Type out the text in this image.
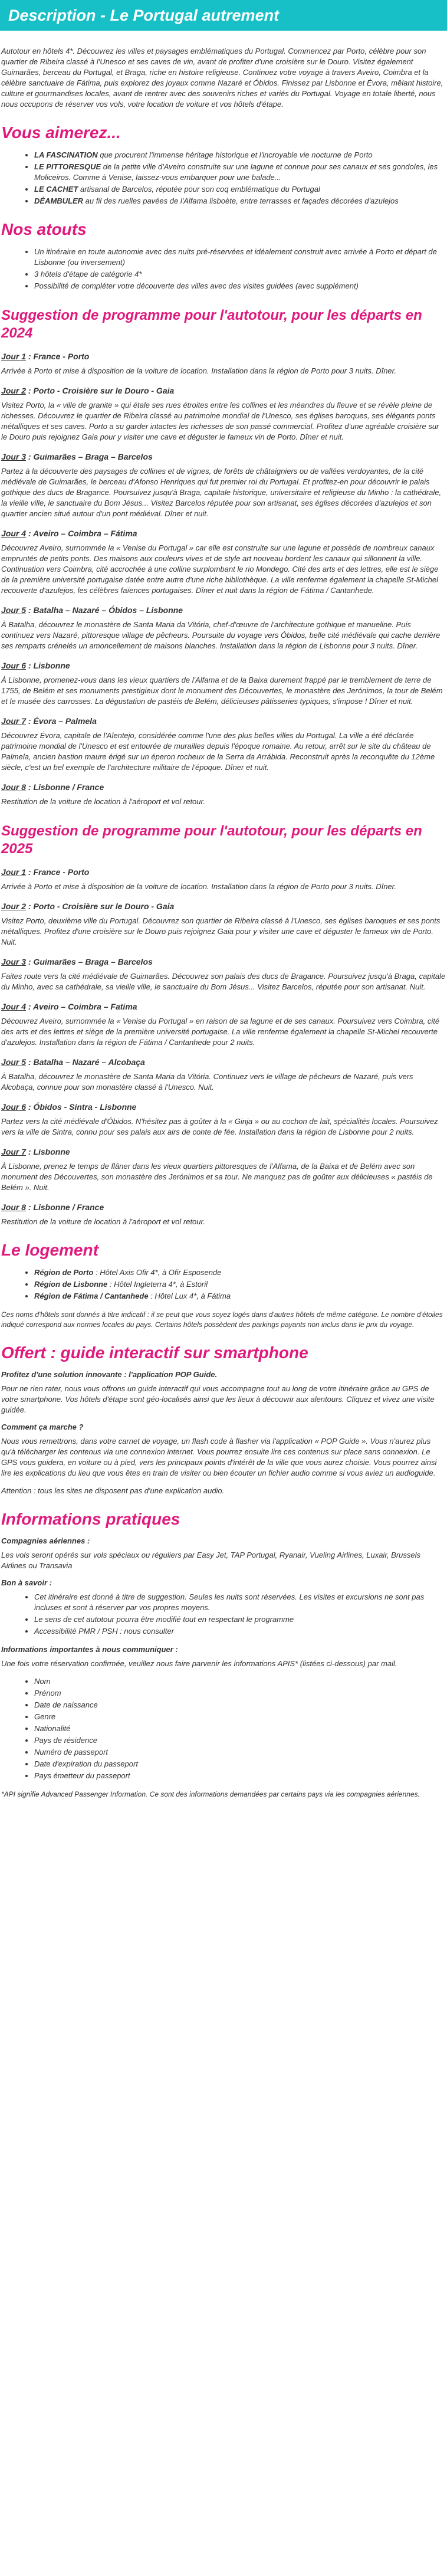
Description - Le Portugal autrement

Autotour en hôtels 4*. Découvrez les villes et paysages emblématiques du Portugal. Commencez par Porto, célèbre pour son quartier de Ribeira classé à l'Unesco et ses caves de vin, avant de profiter d'une croisière sur le Douro. Visitez également Guimarães, berceau du Portugal, et Braga, riche en histoire religieuse. Continuez votre voyage à travers Aveiro, Coimbra et la célèbre sanctuaire de Fátima, puis explorez des joyaux comme Nazaré et Óbidos. Finissez par Lisbonne et Évora, mêlant histoire, culture et gourmandises locales, avant de rentrer avec des souvenirs riches et variés du Portugal. Voyage en totale liberté, nous nous occupons de réserver vos vols, votre location de voiture et vos hôtels d'étape.

Vous aimerez...
• LA FASCINATION que procurent l'immense héritage historique et l'incroyable vie nocturne de Porto
• LE PITTORESQUE de la petite ville d'Aveiro construite sur une lagune et connue pour ses canaux et ses gondoles, les Moliceiros. Comme à Venise, laissez-vous embarquer pour une balade...
• LE CACHET artisanal de Barcelos, réputée pour son coq emblématique du Portugal
• DÉAMBULER au fil des ruelles pavées de l'Alfama lisboète, entre terrasses et façades décorées d'azulejos
Nos atouts
• Un itinéraire en toute autonomie avec des nuits pré-réservées et idéalement construit avec arrivée à Porto et départ de Lisbonne (ou inversement)
• 3 hôtels d'étape de catégorie 4*
• Possibilité de compléter votre découverte des villes avec des visites guidées (avec supplément)
Suggestion de programme pour l'autotour, pour les départs en 2024
Jour 1 : France - Porto

Arrivée à Porto et mise à disposition de la voiture de location. Installation dans la région de Porto pour 3 nuits. Dîner.

Jour 2 : Porto - Croisière sur le Douro - Gaia

Visitez Porto, la « ville de granite » qui étale ses rues étroites entre les collines et les méandres du fleuve et se révèle pleine de richesses. Découvrez le quartier de Ribeira classé au patrimoine mondial de l'Unesco, ses églises baroques, ses élégants ponts métalliques et ses caves. Porto a su garder intactes les richesses de son passé commercial. Profitez d'une agréable croisière sur le Douro puis rejoignez Gaia pour y visiter une cave et déguster le fameux vin de Porto. Dîner et nuit.

Jour 3 : Guimarães – Braga – Barcelos

Partez à la découverte des paysages de collines et de vignes, de forêts de châtaigniers ou de vallées verdoyantes, de la cité médiévale de Guimarães, le berceau d'Afonso Henriques qui fut premier roi du Portugal. Et profitez-en pour découvrir le palais gothique des ducs de Bragance. Poursuivez jusqu'à Braga, capitale historique, universitaire et religieuse du Minho : la cathédrale, la vieille ville, le sanctuaire du Bom Jésus... Visitez Barcelos réputée pour son artisanat, ses églises décorées d'azulejos et son quartier ancien situé autour d'un pont médiéval. Dîner et nuit.

Jour 4 : Aveiro – Coimbra – Fátima

Découvrez Aveiro, surnommée la « Venise du Portugal » car elle est construite sur une lagune et possède de nombreux canaux empruntés de petits ponts. Des maisons aux couleurs vives et de style art nouveau bordent les canaux qui sillonnent la ville. Continuation vers Coimbra, cité accrochée à une colline surplombant le rio Mondego. Cité des arts et des lettres, elle est le siège de la première université portugaise datée entre autre d'une riche bibliothèque. La ville renferme également la chapelle St-Michel recouverte d'azulejos, les célèbres faïences portugaises. Dîner et nuit dans la région de Fátima / Cantanhede.

Jour 5 : Batalha – Nazaré – Óbidos – Lisbonne

À Batalha, découvrez le monastère de Santa Maria da Vitória, chef-d'œuvre de l'architecture gothique et manueline. Puis continuez vers Nazaré, pittoresque village de pêcheurs. Poursuite du voyage vers Óbidos, belle cité médiévale qui cache derrière ses remparts crénelés un amoncellement de maisons blanches. Installation dans la région de Lisbonne pour 3 nuits. Dîner.

Jour 6 : Lisbonne

À Lisbonne, promenez-vous dans les vieux quartiers de l'Alfama et de la Baixa durement frappé par le tremblement de terre de 1755, de Belém et ses monuments prestigieux dont le monument des Découvertes, le monastère des Jerónimos, la tour de Belém et le musée des carrosses. La dégustation de pastéis de Belém, délicieuses pâtisseries typiques, s'impose ! Dîner et nuit.

Jour 7 : Évora – Palmela

Découvrez Évora, capitale de l'Alentejo, considérée comme l'une des plus belles villes du Portugal. La ville a été déclarée patrimoine mondial de l'Unesco et est entourée de murailles depuis l'époque romaine. Au retour, arrêt sur le site du château de Palmela, ancien bastion maure érigé sur un éperon rocheux de la Serra da Arrábida. Reconstruit après la reconquête du 12ème siècle, c'est un bel exemple de l'architecture militaire de l'époque. Dîner et nuit.

Jour 8 : Lisbonne / France

Restitution de la voiture de location à l'aéroport et vol retour.

Suggestion de programme pour l'autotour, pour les départs en 2025
Jour 1 : France - Porto

Arrivée à Porto et mise à disposition de la voiture de location. Installation dans la région de Porto pour 3 nuits. Dîner.

Jour 2 : Porto - Croisière sur le Douro - Gaia

Visitez Porto, deuxième ville du Portugal. Découvrez son quartier de Ribeira classé à l'Unesco, ses églises baroques et ses ponts métalliques. Profitez d'une croisière sur le Douro puis rejoignez Gaia pour y visiter une cave et déguster le fameux vin de Porto. Nuit.

Jour 3 : Guimarães – Braga – Barcelos

Faites route vers la cité médiévale de Guimarães. Découvrez son palais des ducs de Bragance. Poursuivez jusqu'à Braga, capitale du Minho, avec sa cathédrale, sa vieille ville, le sanctuaire du Bom Jésus... Visitez Barcelos, réputée pour son artisanat. Nuit.

Jour 4 : Aveiro – Coimbra – Fatima

Découvrez Aveiro, surnommée la « Venise du Portugal » en raison de sa lagune et de ses canaux. Poursuivez vers Coimbra, cité des arts et des lettres et siège de la première université portugaise. La ville renferme également la chapelle St-Michel recouverte d'azulejos. Installation dans la région de Fátima / Cantanhede pour 2 nuits.

Jour 5 : Batalha – Nazaré – Alcobaça

À Batalha, découvrez le monastère de Santa Maria da Vitória. Continuez vers le village de pêcheurs de Nazaré, puis vers Alcobaça, connue pour son monastère classé à l'Unesco. Nuit.

Jour 6 : Óbidos - Sintra - Lisbonne

Partez vers la cité médiévale d'Óbidos. N'hésitez pas à goûter à la « Ginja » ou au cochon de lait, spécialités locales. Poursuivez vers la ville de Sintra, connu pour ses palais aux airs de conte de fée. Installation dans la région de Lisbonne pour 2 nuits.

Jour 7 : Lisbonne

À Lisbonne, prenez le temps de flâner dans les vieux quartiers pittoresques de l'Alfama, de la Baixa et de Belém avec son monument des Découvertes, son monastère des Jerónimos et sa tour. Ne manquez pas de goûter aux délicieuses « pastéis de Belém ». Nuit.

Jour 8 : Lisbonne / France

Restitution de la voiture de location à l'aéroport et vol retour.

Le logement
• Région de Porto : Hôtel Axis Ofir 4*, à Ofir Esposende
• Région de Lisbonne : Hôtel Ingleterra 4*, à Estoril
• Région de Fátima / Cantanhede : Hôtel Lux 4*, à Fátima

Ces noms d'hôtels sont donnés à titre indicatif : il se peut que vous soyez logés dans d'autres hôtels de même catégorie. Le nombre d'étoiles indiqué correspond aux normes locales du pays. Certains hôtels possèdent des parkings payants non inclus dans le prix du voyage.

Offert : guide interactif sur smartphone
Profitez d'une solution innovante : l'application POP Guide.

Pour ne rien rater, nous vous offrons un guide interactif qui vous accompagne tout au long de votre itinéraire grâce au GPS de votre smartphone. Vos hôtels d'étape sont géo-localisés ainsi que les lieux à découvrir aux alentours. Cliquez et vivez une visite guidée.

Comment ça marche ?

Nous vous remettrons, dans votre carnet de voyage, un flash code à flasher via l'application « POP Guide ». Vous n'aurez plus qu'à télécharger les contenus via une connexion internet. Vous pourrez ensuite lire ces contenus sur place sans connexion. Le GPS vous guidera, en voiture ou à pied, vers les principaux points d'intérêt de la ville que vous aurez choisie. Vous pourrez ainsi lire les explications du lieu que vous êtes en train de visiter ou bien écouter un fichier audio comme si vous aviez un audioguide.

Attention : tous les sites ne disposent pas d'une explication audio.

Informations pratiques
Compagnies aériennes :

Les vols seront opérés sur vols spéciaux ou réguliers par Easy Jet, TAP Portugal, Ryanair, Vueling Airlines, Luxair, Brussels Airlines ou Transavia

Bon à savoir :
• Cet itinéraire est donné à titre de suggestion. Seules les nuits sont réservées. Les visites et excursions ne sont pas incluses et sont à réserver par vos propres moyens.
• Le sens de cet autotour pourra être modifié tout en respectant le programme
• Accessibilité PMR / PSH : nous consulter
Informations importantes à nous communiquer :

Une fois votre réservation confirmée, veuillez nous faire parvenir les informations APIS* (listées ci-dessous) par mail.

• Nom
• Prénom
• Date de naissance
• Genre
• Nationalité
• Pays de résidence
• Numéro de passeport
• Date d'expiration du passeport
• Pays émetteur du passeport

*API signifie Advanced Passenger Information. Ce sont des informations demandées par certains pays via les compagnies aériennes.
